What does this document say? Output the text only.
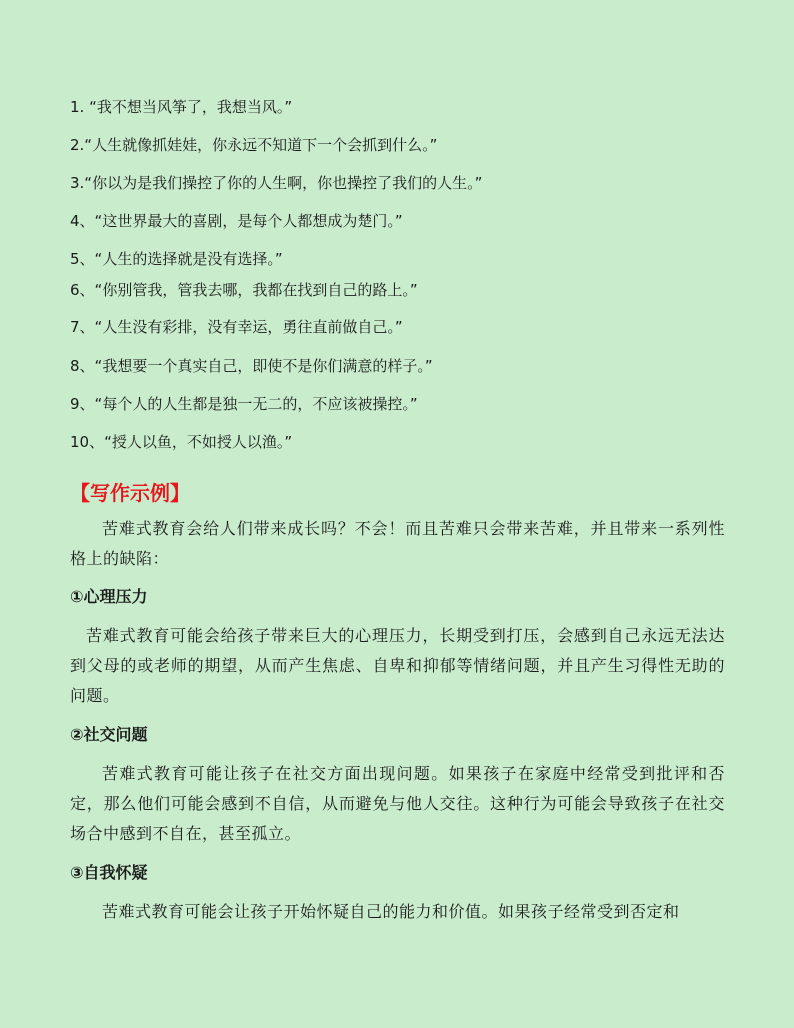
1. “我不想当风筝了，我想当风。”
2.“人生就像抓娃娃，你永远不知道下一个会抓到什么。”
3.“你以为是我们操控了你的人生啊，你也操控了我们的人生。”
4、“这世界最大的喜剧，是每个人都想成为楚门。”
5、“人生的选择就是没有选择。”
6、“你别管我，管我去哪，我都在找到自己的路上。”
7、“人生没有彩排，没有幸运，勇往直前做自己。”
8、“我想要一个真实自己，即使不是你们满意的样子。”
9、“每个人的人生都是独一无二的，不应该被操控。”
10、“授人以鱼，不如授人以渔。”
【写作示例】
苦难式教育会给人们带来成长吗？不会！而且苦难只会带来苦难，并且带来一系列性格上的缺陷：
①心理压力
苦难式教育可能会给孩子带来巨大的心理压力，长期受到打压，会感到自己永远无法达到父母的或老师的期望，从而产生焦虑、自卑和抑郁等情绪问题，并且产生习得性无助的问题。
②社交问题
苦难式教育可能让孩子在社交方面出现问题。如果孩子在家庭中经常受到批评和否定，那么他们可能会感到不自信，从而避免与他人交往。这种行为可能会导致孩子在社交场合中感到不自在，甚至孤立。
③自我怀疑
苦难式教育可能会让孩子开始怀疑自己的能力和价值。如果孩子经常受到否定和
